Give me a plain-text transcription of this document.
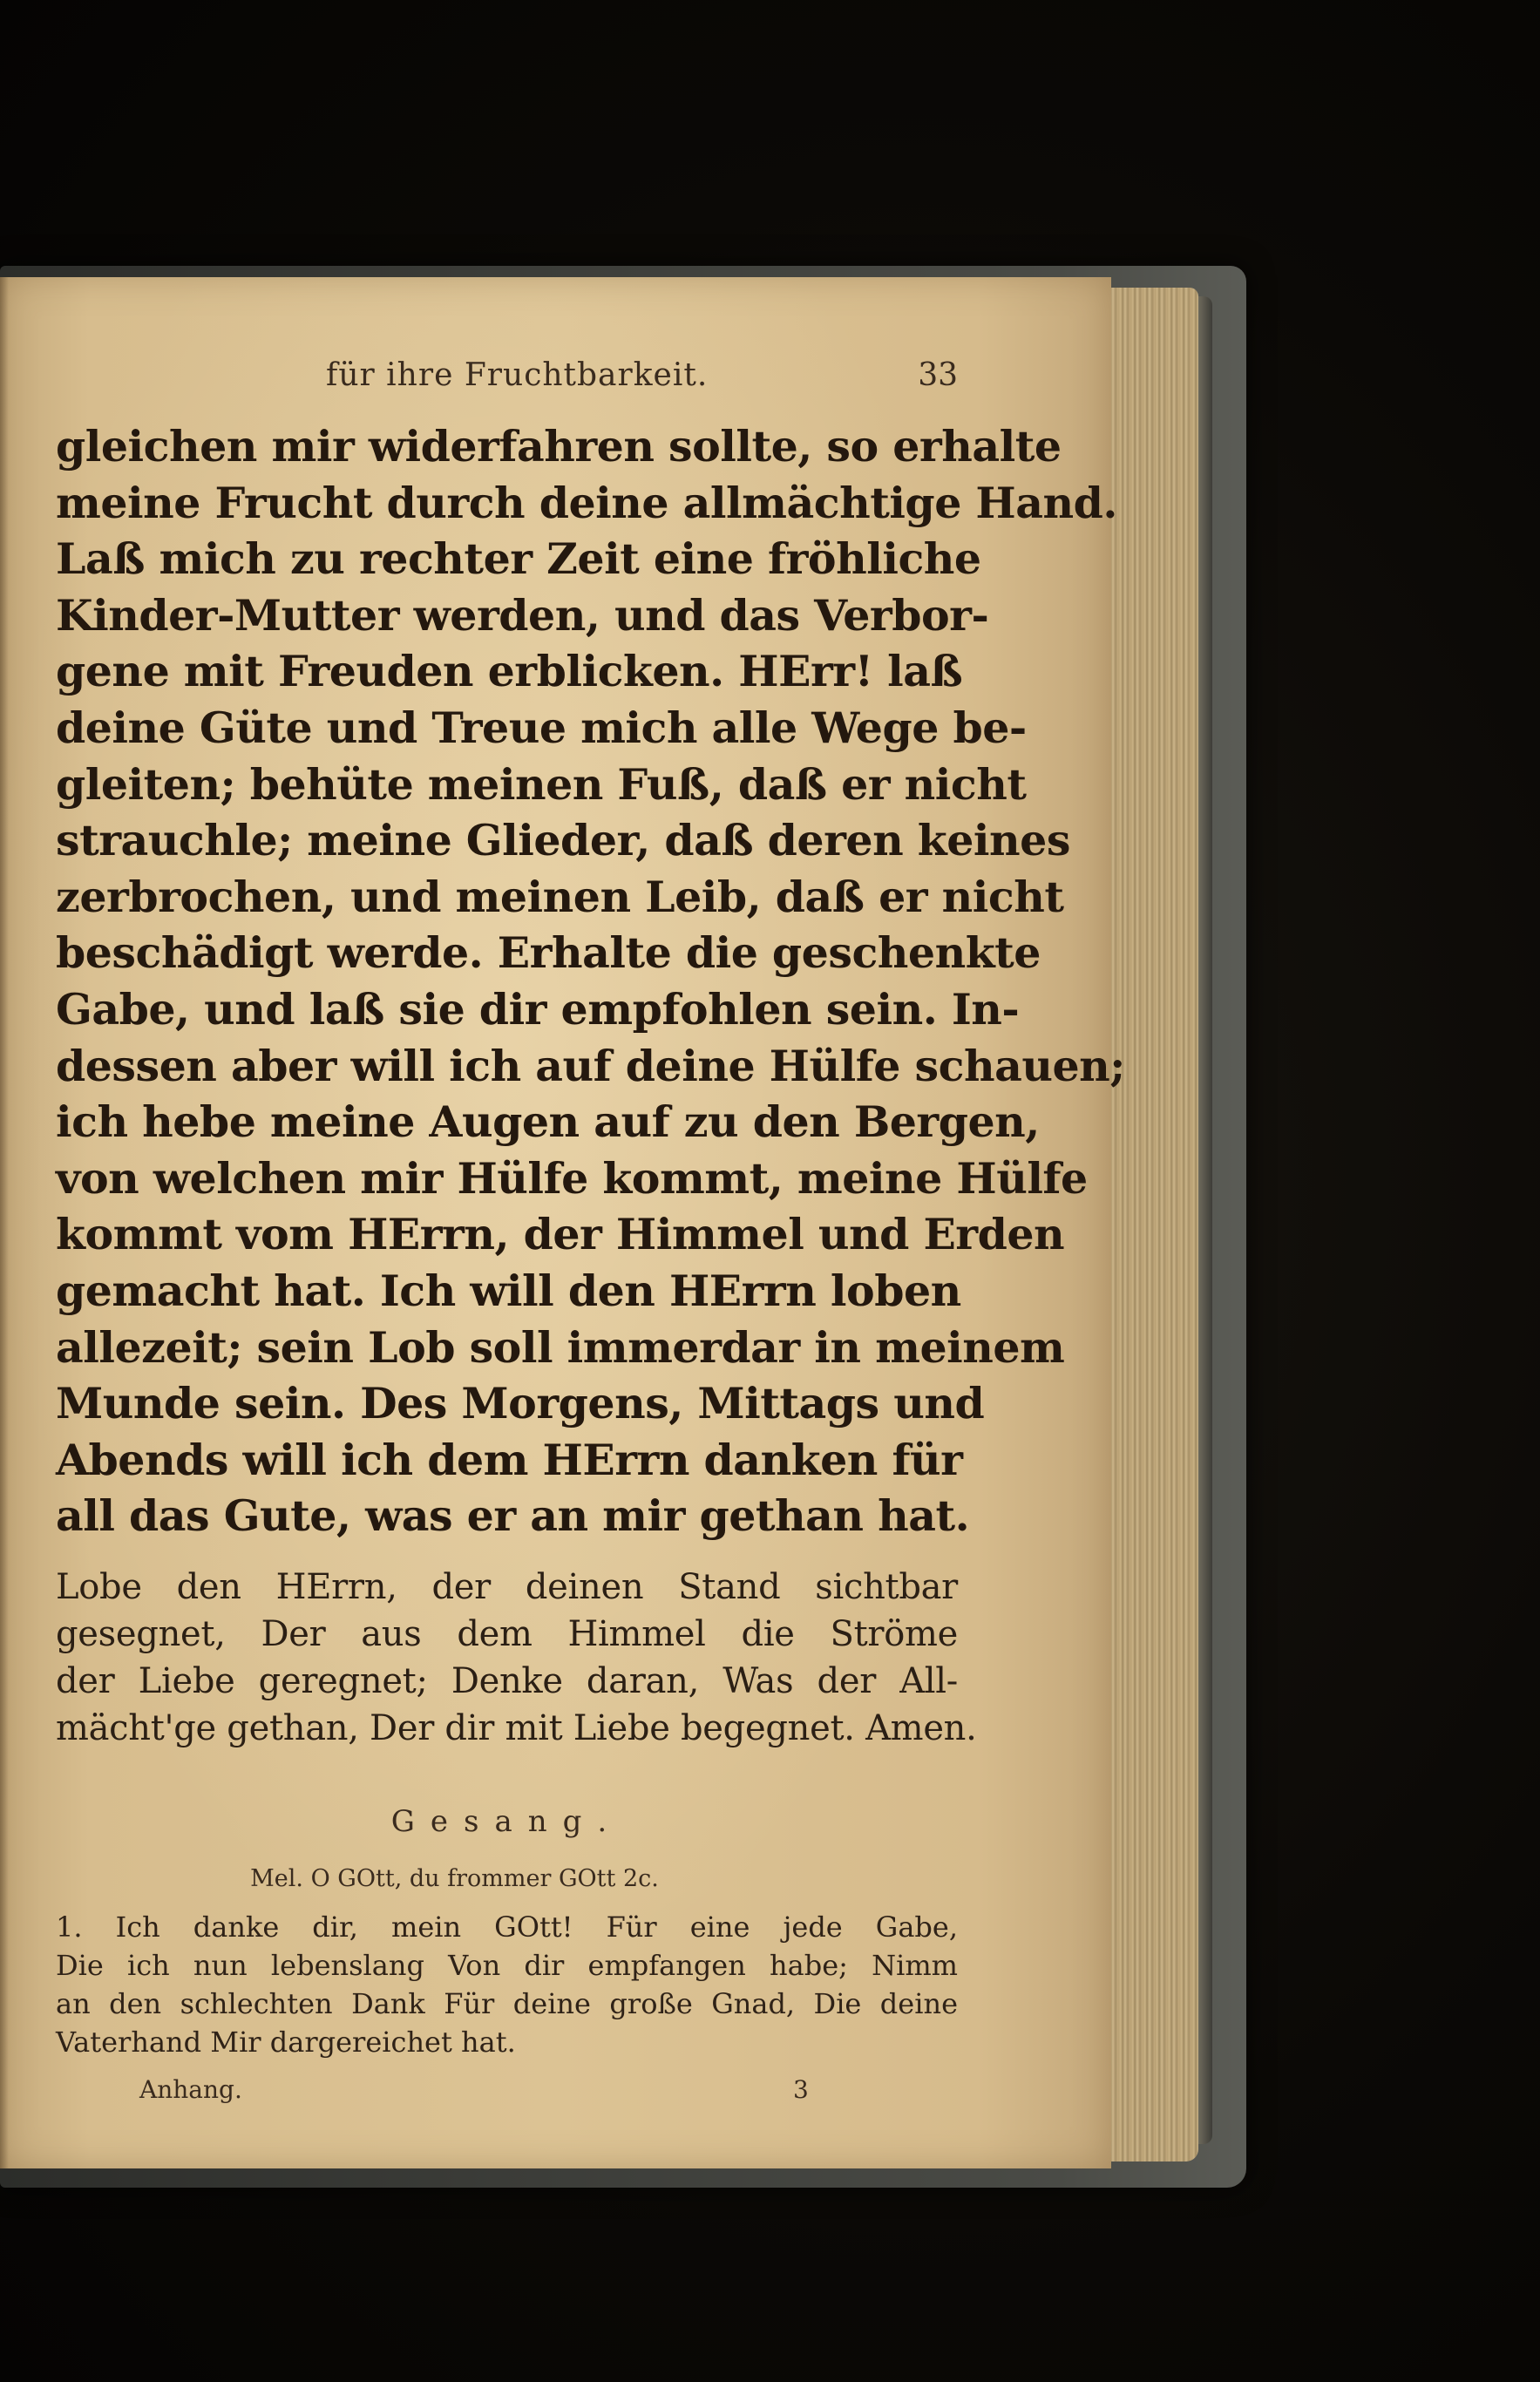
für ihre Fruchtbarkeit.	33
gleichen mir widerfahren sollte, so erhalte
meine Frucht durch deine allmächtige Hand.
Laß mich zu rechter Zeit eine fröhliche
Kinder-Mutter werden, und das Verbor-
gene mit Freuden erblicken. HErr! laß
deine Güte und Treue mich alle Wege be-
gleiten; behüte meinen Fuß, daß er nicht
strauchle; meine Glieder, daß deren keines
zerbrochen, und meinen Leib, daß er nicht
beschädigt werde. Erhalte die geschenkte
Gabe, und laß sie dir empfohlen sein. In-
dessen aber will ich auf deine Hülfe schauen;
ich hebe meine Augen auf zu den Bergen,
von welchen mir Hülfe kommt, meine Hülfe
kommt vom HErrn, der Himmel und Erden
gemacht hat. Ich will den HErrn loben
allezeit; sein Lob soll immerdar in meinem
Munde sein. Des Morgens, Mittags und
Abends will ich dem HErrn danken für
all das Gute, was er an mir gethan hat.
Lobe den HErrn, der deinen Stand sichtbar
gesegnet, Der aus dem Himmel die Ströme
der Liebe geregnet; Denke daran, Was der All-
mächt'ge gethan, Der dir mit Liebe begegnet. Amen.
Gesang.
Mel. O GOtt, du frommer GOtt 2c.
1. Ich danke dir, mein GOtt! Für eine jede Gabe,
Die ich nun lebenslang Von dir empfangen habe; Nimm
an den schlechten Dank Für deine große Gnad, Die deine
Vaterhand Mir dargereichet hat.
Anhang.	3
